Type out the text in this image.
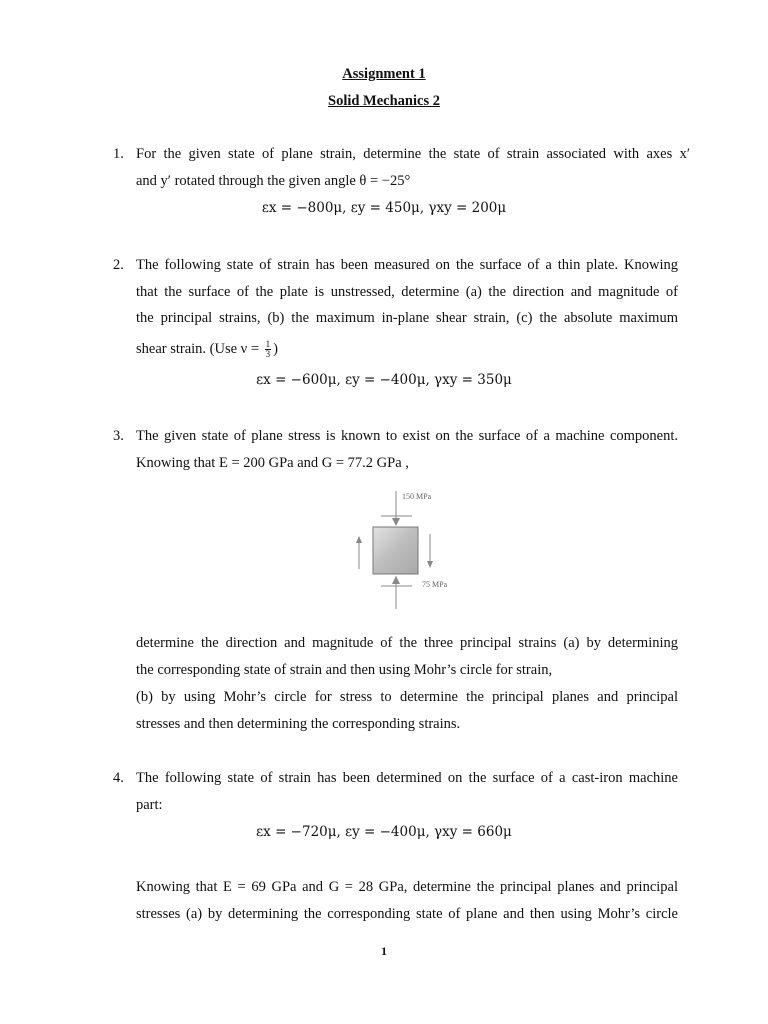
Assignment 1
Solid Mechanics 2
1. For the given state of plane strain, determine the state of strain associated with axes x′
and y′ rotated through the given angle θ = −25°
εx = −800μ, εy = 450μ, γxy = 200μ
2. The following state of strain has been measured on the surface of a thin plate. Knowing
that the surface of the plate is unstressed, determine (a) the direction and magnitude of
the principal strains, (b) the maximum in-plane shear strain, (c) the absolute maximum
shear strain. (Use $\nu = \frac{1}{3}$ )
εx = −600μ, εy = −400μ, γxy = 350μ
3. The given state of plane stress is known to exist on the surface of a machine component.
Knowing that E = 200 GPa and G = 77.2 GPa ,
150 MPa
75 MPa
determine the direction and magnitude of the three principal strains (a) by determining
the corresponding state of strain and then using Mohr’s circle for strain,
(b) by using Mohr’s circle for stress to determine the principal planes and principal
stresses and then determining the corresponding strains.
4. The following state of strain has been determined on the surface of a cast-iron machine
part:
εx = −720μ, εy = −400μ, γxy = 660μ
Knowing that E = 69 GPa and G = 28 GPa, determine the principal planes and principal
stresses (a) by determining the corresponding state of plane and then using Mohr’s circle
1
